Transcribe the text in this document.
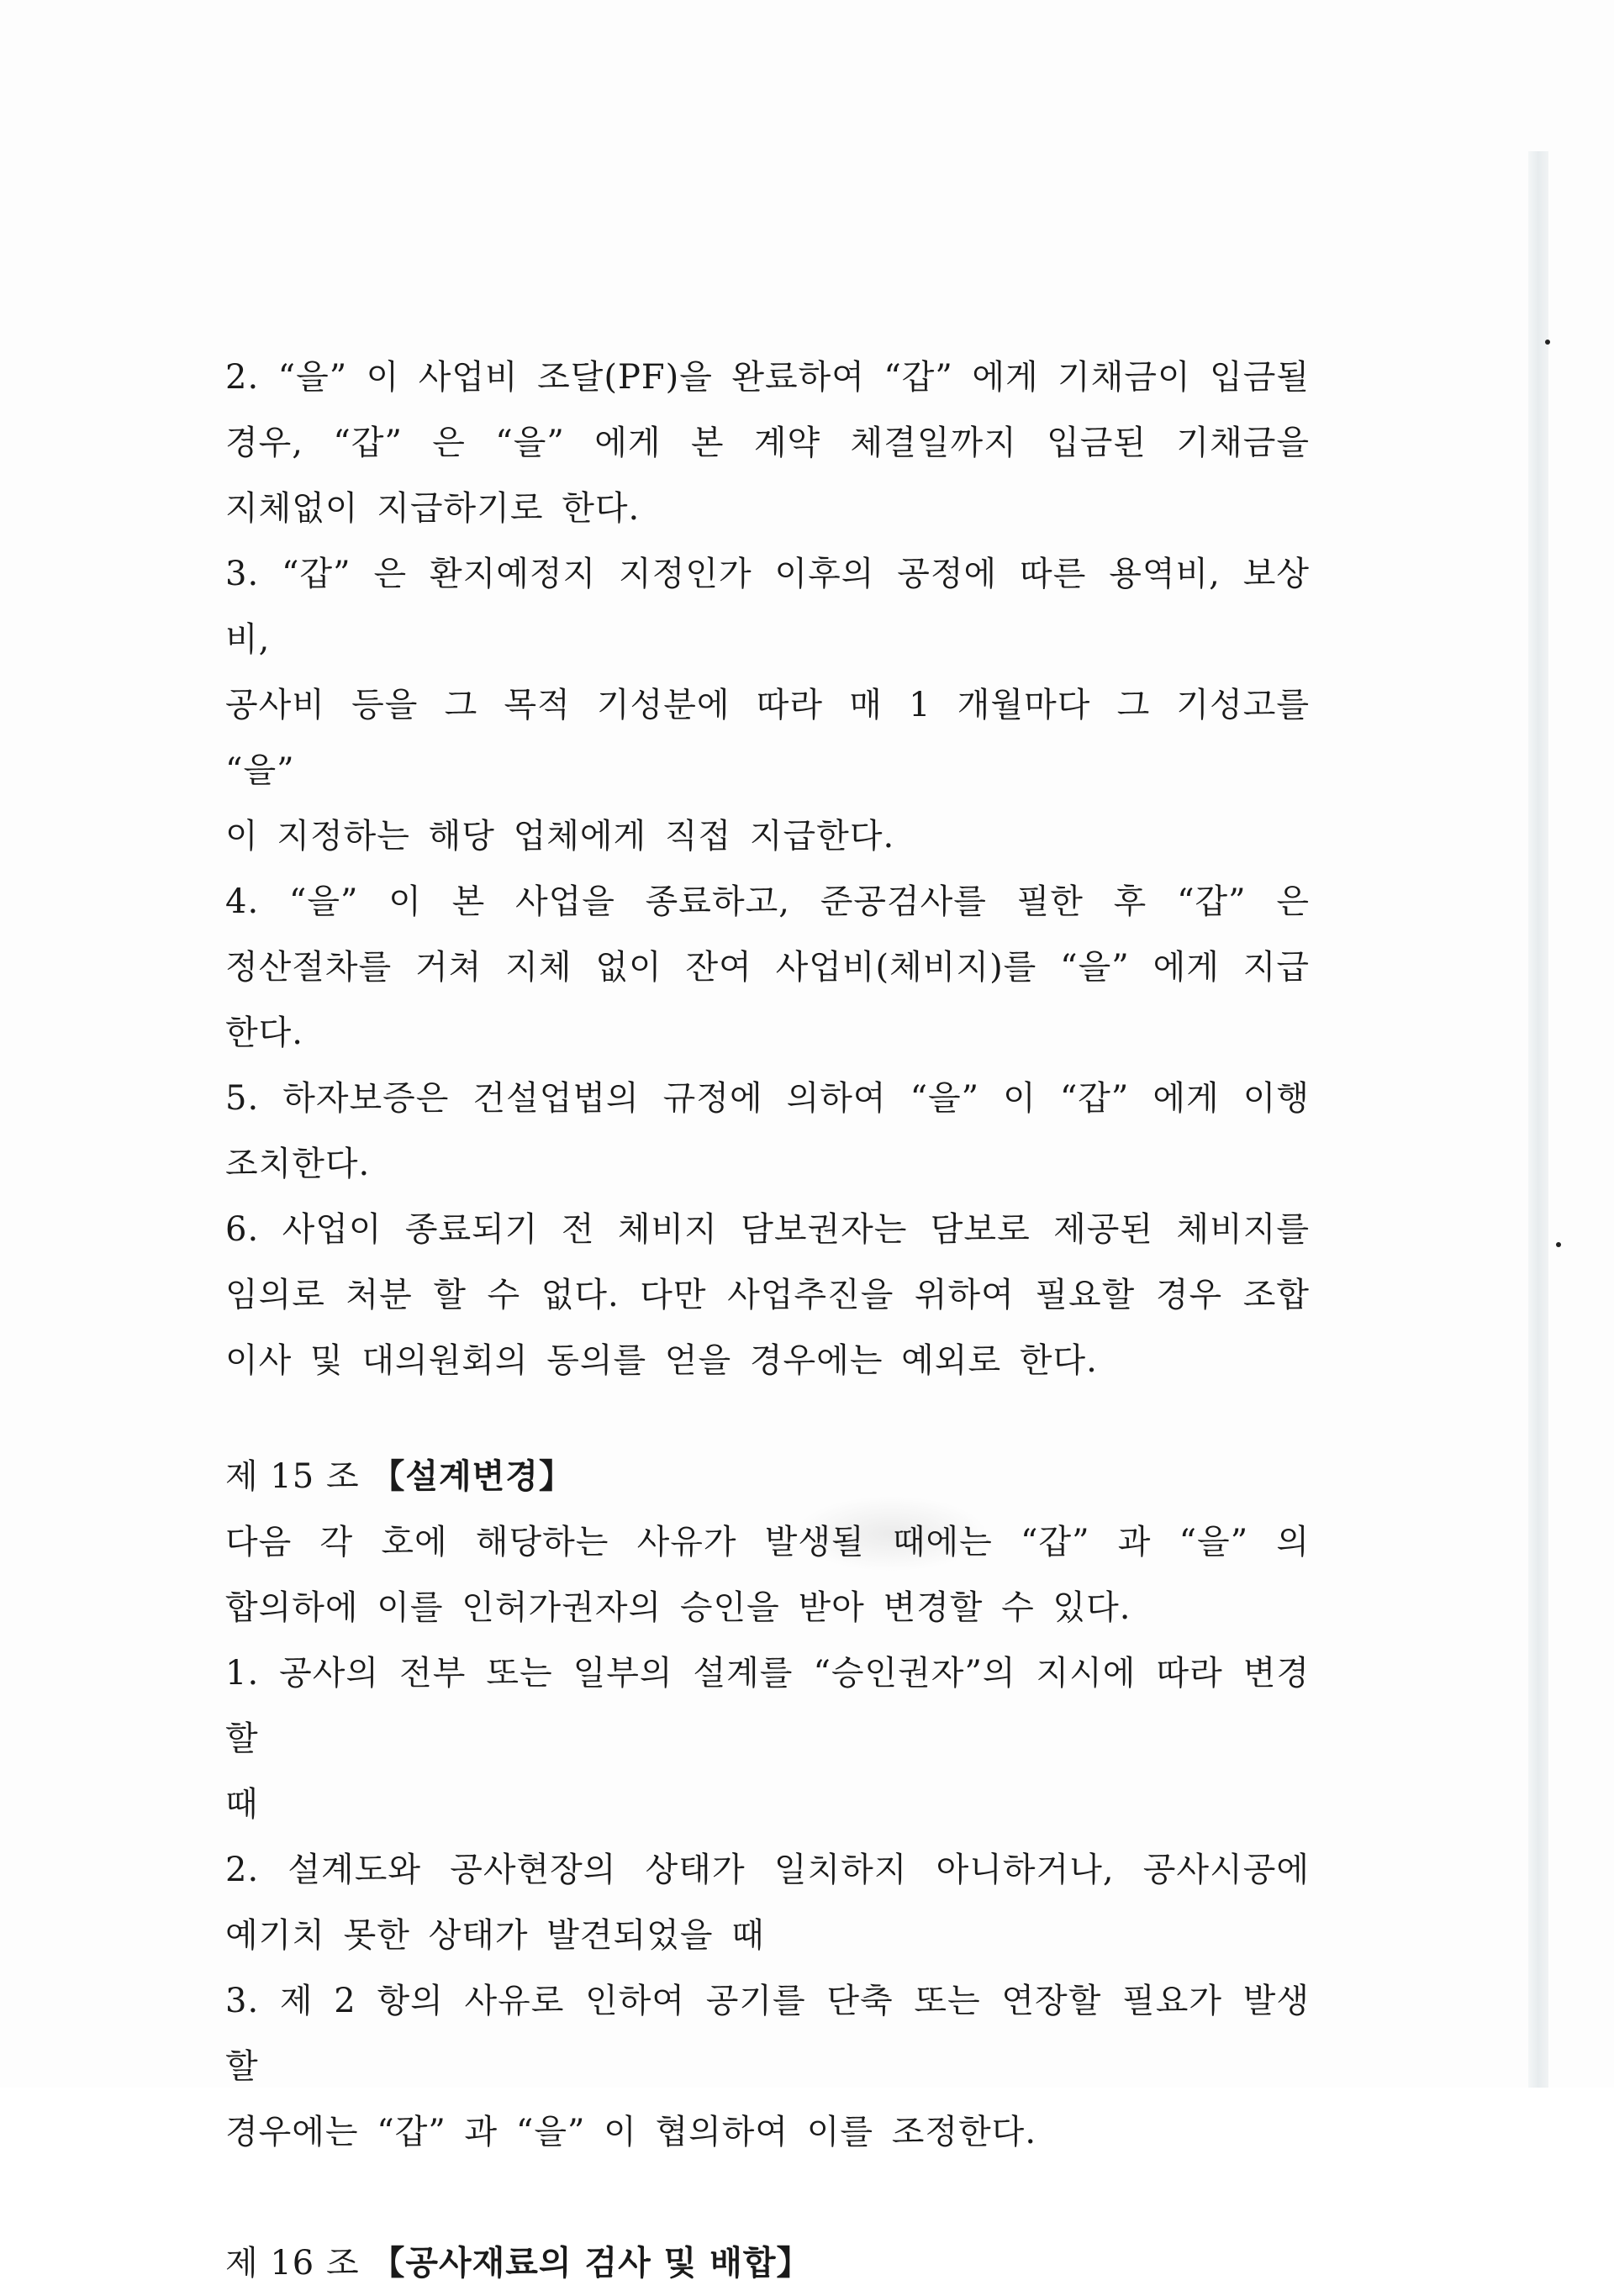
2. “을” 이 사업비 조달(PF)을 완료하여 “갑” 에게 기채금이 입금될
경우, “갑” 은 “을” 에게 본 계약 체결일까지 입금된 기채금을
지체없이 지급하기로 한다.
3. “갑” 은 환지예정지 지정인가 이후의 공정에 따른 용역비, 보상비,
공사비 등을 그 목적 기성분에 따라 매 1 개월마다 그 기성고를 “을”
이 지정하는 해당 업체에게 직접 지급한다.
4. “을” 이 본 사업을 종료하고, 준공검사를 필한 후 “갑” 은
정산절차를 거쳐 지체 없이 잔여 사업비(체비지)를 “을” 에게 지급
한다.
5. 하자보증은 건설업법의 규정에 의하여 “을” 이 “갑” 에게 이행
조치한다.
6. 사업이 종료되기 전 체비지 담보권자는 담보로 제공된 체비지를
임의로 처분 할 수 없다. 다만 사업추진을 위하여 필요할 경우 조합
이사 및 대의원회의 동의를 얻을 경우에는 예외로 한다.

제 15 조 【설계변경】

다음 각 호에 해당하는 사유가 발생될 때에는 “갑” 과 “을” 의
합의하에 이를 인허가권자의 승인을 받아 변경할 수 있다.
1. 공사의 전부 또는 일부의 설계를 “승인권자”의 지시에 따라 변경 할
때
2. 설계도와 공사현장의 상태가 일치하지 아니하거나, 공사시공에
예기치 못한 상태가 발견되었을 때
3. 제 2 항의 사유로 인하여 공기를 단축 또는 연장할 필요가 발생할
경우에는 “갑” 과 “을” 이 협의하여 이를 조정한다.

제 16 조 【공사재료의 검사 및 배합】
